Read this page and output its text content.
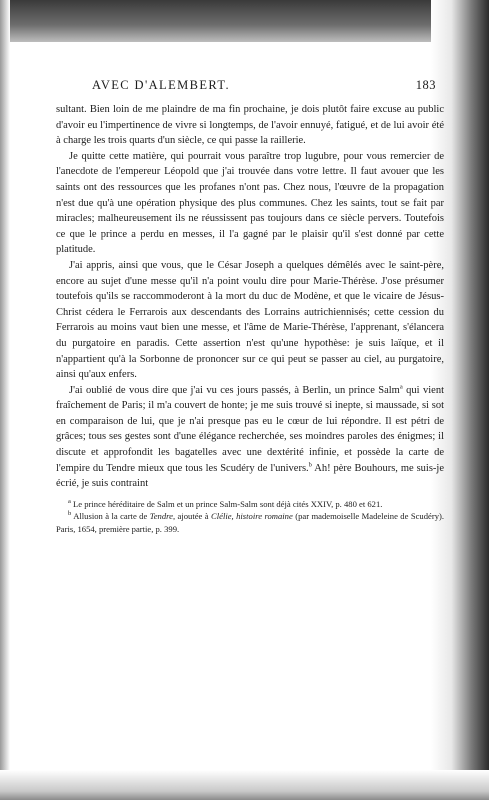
AVEC D'ALEMBERT.	183

sultant. Bien loin de me plaindre de ma fin prochaine, je dois plutôt faire excuse au public d'avoir eu l'impertinence de vivre si longtemps, de l'avoir ennuyé, fatigué, et de lui avoir été à charge les trois quarts d'un siècle, ce qui passe la raillerie.

Je quitte cette matière, qui pourrait vous paraître trop lugubre, pour vous remercier de l'anecdote de l'empereur Léopold que j'ai trouvée dans votre lettre. Il faut avouer que les saints ont des ressources que les profanes n'ont pas. Chez nous, l'œuvre de la propagation n'est due qu'à une opération physique des plus communes. Chez les saints, tout se fait par miracles; malheureusement ils ne réussissent pas toujours dans ce siècle pervers. Toutefois ce que le prince a perdu en messes, il l'a gagné par le plaisir qu'il s'est donné par cette platitude.

J'ai appris, ainsi que vous, que le César Joseph a quelques démêlés avec le saint-père, encore au sujet d'une messe qu'il n'a point voulu dire pour Marie-Thérèse. J'ose présumer toutefois qu'ils se raccommoderont à la mort du duc de Modène, et que le vicaire de Jésus-Christ cédera le Ferrarois aux descendants des Lorrains autrichiennisés; cette cession du Ferrarois au moins vaut bien une messe, et l'âme de Marie-Thérèse, l'apprenant, s'élancera du purgatoire en paradis. Cette assertion n'est qu'une hypothèse: je suis laïque, et il n'appartient qu'à la Sorbonne de prononcer sur ce qui peut se passer au ciel, au purgatoire, ainsi qu'aux enfers.

J'ai oublié de vous dire que j'ai vu ces jours passés, à Berlin, un prince Salm$^a$ qui vient fraîchement de Paris; il m'a couvert de honte; je me suis trouvé si inepte, si maussade, si sot en comparaison de lui, que je n'ai presque pas eu le cœur de lui répondre. Il est pétri de grâces; tous ses gestes sont d'une élégance recherchée, ses moindres paroles des énigmes; il discute et approfondit les bagatelles avec une dextérité infinie, et possède la carte de l'empire du Tendre mieux que tous les Scudéry de l'univers.$^b$ Ah! père Bouhours, me suis-je écrié, je suis contraint

$^a$ Le prince héréditaire de Salm et un prince Salm-Salm sont déjà cités XXIV, p. 480 et 621.

$^b$ Allusion à la carte de Tendre, ajoutée à Clélie, histoire romaine (par mademoiselle Madeleine de Scudéry). Paris, 1654, première partie, p. 399.
